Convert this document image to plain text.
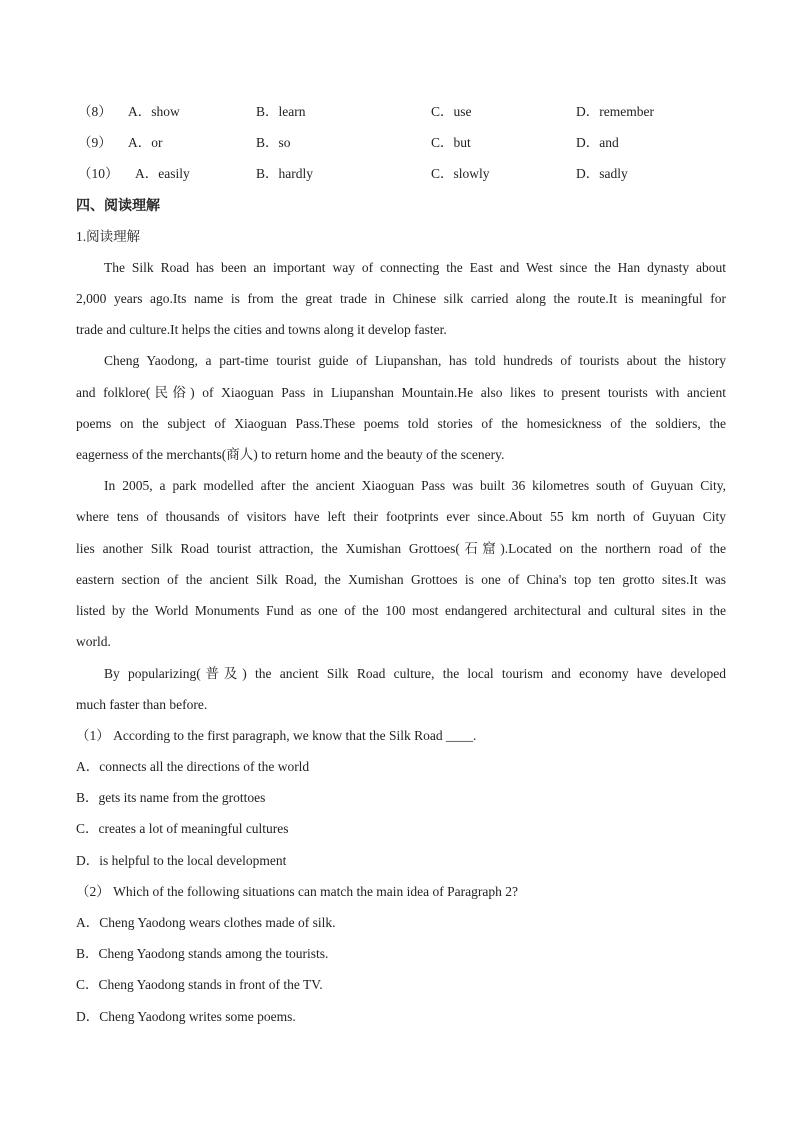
（8） A．show	B．learn	C．use	D．remember
（9） A．or	B．so	C．but	D．and
（10） A．easily	B．hardly	C．slowly	D．sadly
四、阅读理解
1.阅读理解
The Silk Road has been an important way of connecting the East and West since the Han dynasty about
2,000 years ago.Its name is from the great trade in Chinese silk carried along the route.It is meaningful for
trade and culture.It helps the cities and towns along it develop faster.
Cheng Yaodong, a part-time tourist guide of Liupanshan, has told hundreds of tourists about the history
and folklore(民俗) of Xiaoguan Pass in Liupanshan Mountain.He also likes to present tourists with ancient
poems on the subject of Xiaoguan Pass.These poems told stories of the homesickness of the soldiers, the
eagerness of the merchants(商人) to return home and the beauty of the scenery.
In 2005, a park modelled after the ancient Xiaoguan Pass was built 36 kilometres south of Guyuan City,
where tens of thousands of visitors have left their footprints ever since.About 55 km north of Guyuan City
lies another Silk Road tourist attraction, the Xumishan Grottoes(石窟).Located on the northern road of the
eastern section of the ancient Silk Road, the Xumishan Grottoes is one of China's top ten grotto sites.It was
listed by the World Monuments Fund as one of the 100 most endangered architectural and cultural sites in the
world.
By popularizing(普及) the ancient Silk Road culture, the local tourism and economy have developed
much faster than before.
（1） According to the first paragraph, we know that the Silk Road ____.
A．connects all the directions of the world
B．gets its name from the grottoes
C．creates a lot of meaningful cultures
D．is helpful to the local development
（2） Which of the following situations can match the main idea of Paragraph 2?
A．Cheng Yaodong wears clothes made of silk.
B．Cheng Yaodong stands among the tourists.
C．Cheng Yaodong stands in front of the TV.
D．Cheng Yaodong writes some poems.
